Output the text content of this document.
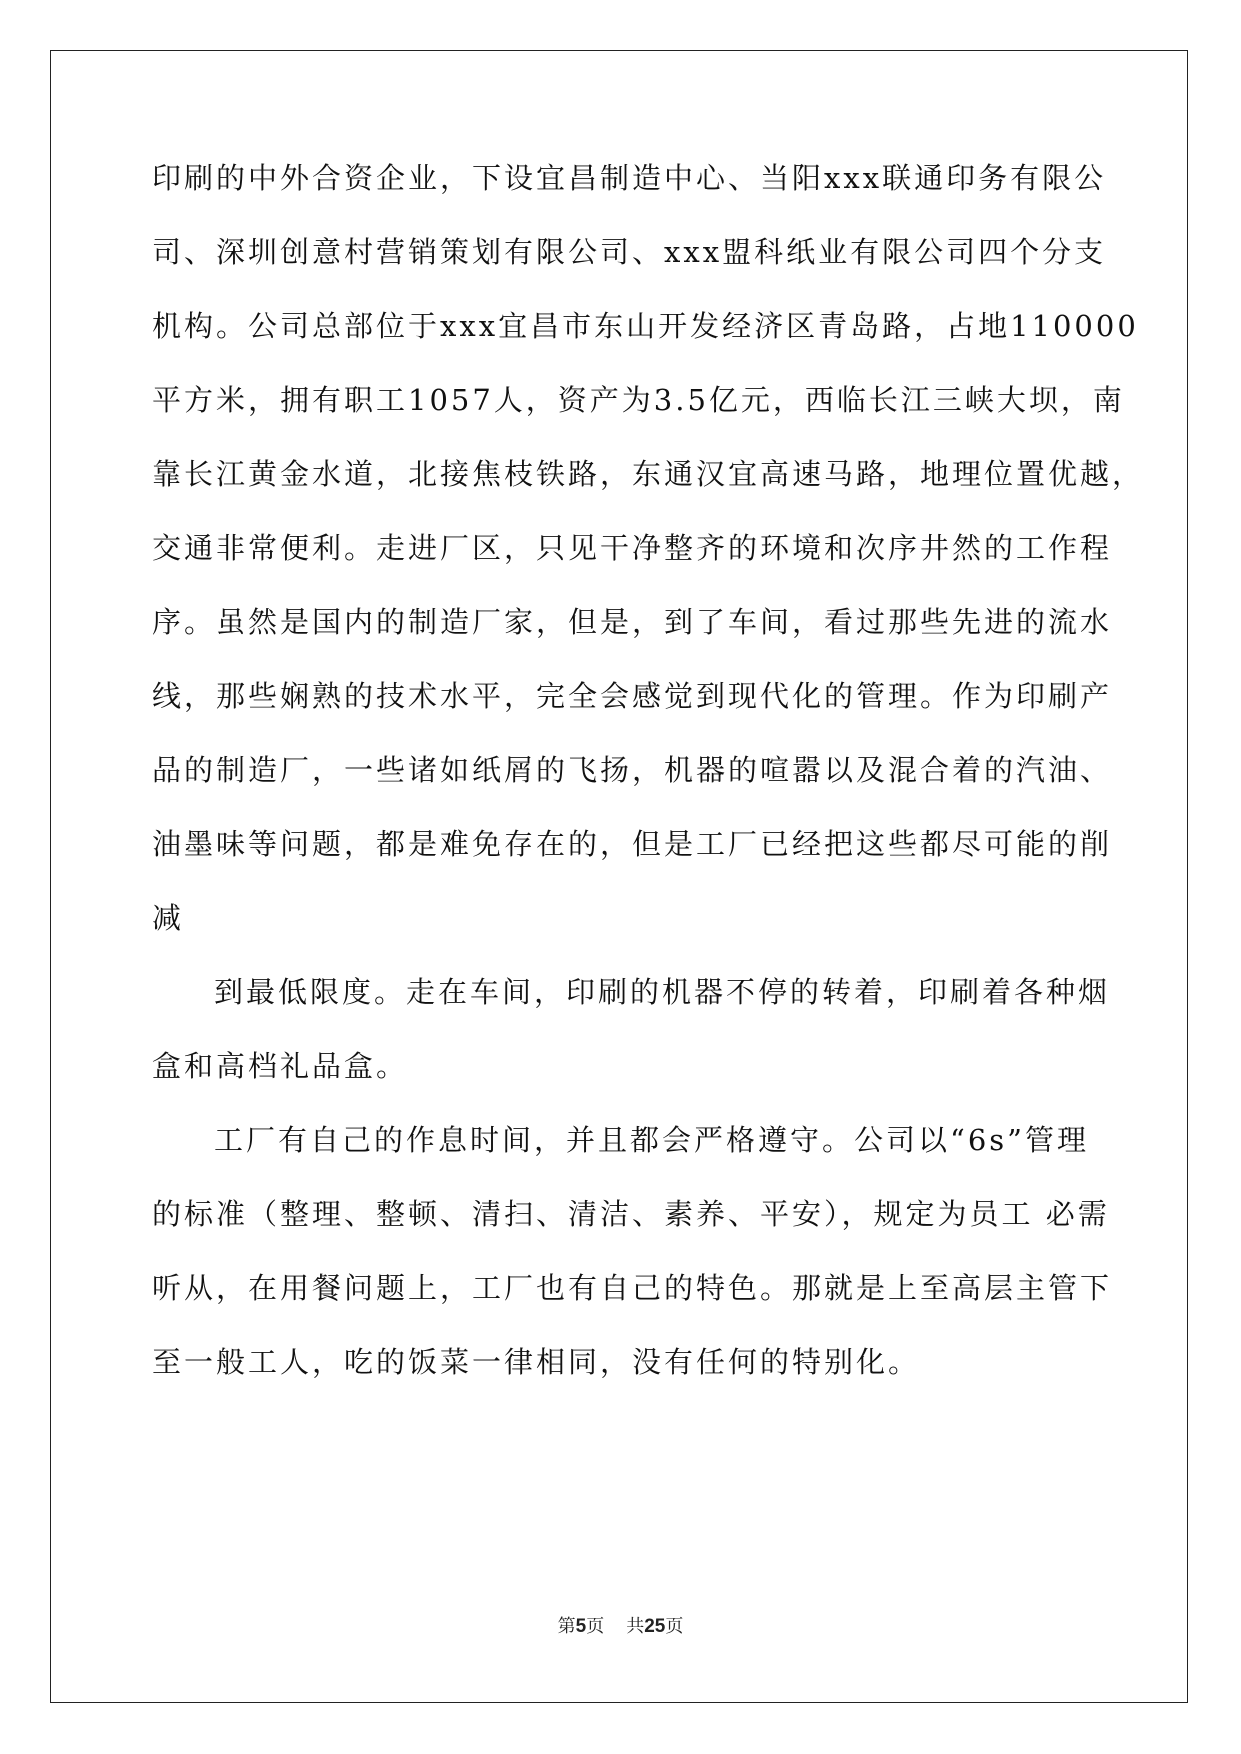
印刷的中外合资企业，下设宜昌制造中心、当阳xxx联通印务有限公
司、深圳创意村营销策划有限公司、xxx盟科纸业有限公司四个分支
机构。公司总部位于xxx宜昌市东山开发经济区青岛路，占地110000
平方米，拥有职工1057人，资产为3.5亿元，西临长江三峡大坝，南
靠长江黄金水道，北接焦枝铁路，东通汉宜高速马路，地理位置优越，
交通非常便利。走进厂区，只见干净整齐的环境和次序井然的工作程
序。虽然是国内的制造厂家，但是，到了车间，看过那些先进的流水
线，那些娴熟的技术水平，完全会感觉到现代化的管理。作为印刷产
品的制造厂，一些诸如纸屑的飞扬，机器的喧嚣以及混合着的汽油、
油墨味等问题，都是难免存在的，但是工厂已经把这些都尽可能的削
减
到最低限度。走在车间，印刷的机器不停的转着，印刷着各种烟
盒和高档礼品盒。
工厂有自己的作息时间，并且都会严格遵守。公司以“6s”管理
的标准（整理、整顿、清扫、清洁、素养、平安），规定为员工 必需
听从，在用餐问题上，工厂也有自己的特色。那就是上至高层主管下
至一般工人，吃的饭菜一律相同，没有任何的特别化。
第5页 共25页
